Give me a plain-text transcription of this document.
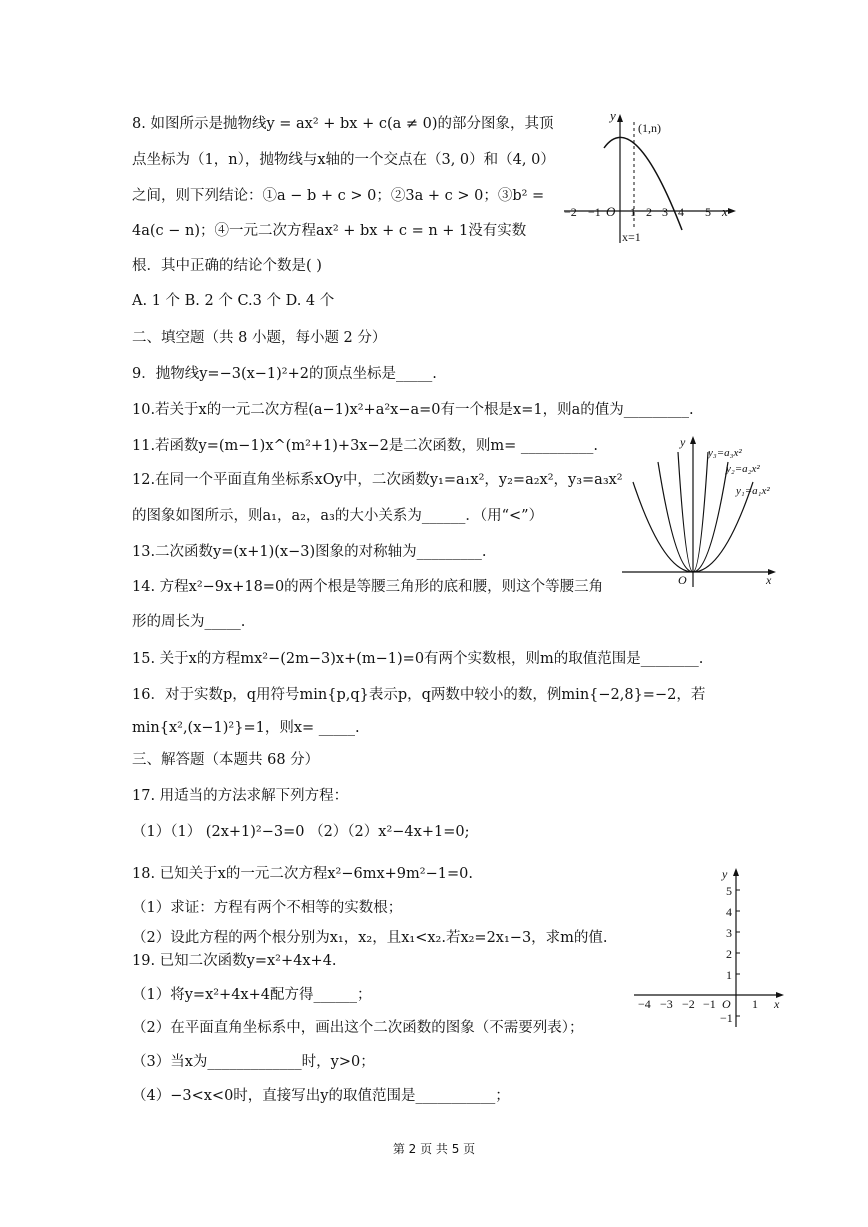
8. 如图所示是抛物线y = ax² + bx + c(a ≠ 0)的部分图象，其顶
点坐标为（1，n），抛物线与x轴的一个交点在（3, 0）和（4, 0）
之间，则下列结论：①a − b + c > 0；②3a + c > 0；③b² =
4a(c − n)；④一元二次方程ax² + bx + c = n + 1没有实数
根．其中正确的结论个数是( )
A. 1 个 B. 2 个 C.3 个 D. 4 个
y
x
(1,n)
O
x=1
−2 −1	2 3 4 5
1
二、填空题（共 8 小题，每小题 2 分）
9．抛物线y=−3(x−1)²+2的顶点坐标是_____.
10.若关于x的一元二次方程(a−1)x²+a²x−a=0有一个根是x=1，则a的值为_________.
11.若函数y=(m−1)x^(m²+1)+3x−2是二次函数，则m= __________.
12.在同一个平面直角坐标系xOy中，二次函数y₁=a₁x²，y₂=a₂x²，y₃=a₃x²
的图象如图所示，则a₁，a₂，a₃的大小关系为______．（用“<”）
13.二次函数y=(x+1)(x−3)图象的对称轴为_________.
14. 方程x²−9x+18=0的两个根是等腰三角形的底和腰，则这个等腰三角
形的周长为_____.
15. 关于x的方程mx²−(2m−3)x+(m−1)=0有两个实数根，则m的取值范围是________.
16．对于实数p，q用符号min{p,q}表示p，q两数中较小的数，例min{−2,8}=−2，若
min{x²,(x−1)²}=1，则x= _____.
y
x
O
y₃=a₃x²
y₂=a₂x²
y₁=a₁x²
三、解答题（本题共 68 分）
17. 用适当的方法求解下列方程：
（1）（1） (2x+1)²−3=0 （2）（2）x²−4x+1=0;
18. 已知关于x的一元二次方程x²−6mx+9m²−1=0.
（1）求证：方程有两个不相等的实数根；
（2）设此方程的两个根分别为x₁，x₂，且x₁<x₂.若x₂=2x₁−3，求m的值.
19. 已知二次函数y=x²+4x+4.
（1）将y=x²+4x+4配方得______；
（2）在平面直角坐标系中，画出这个二次函数的图象（不需要列表）；
（3）当x为_____________时，y>0；
（4）−3<x<0时，直接写出y的取值范围是___________；
y
x
O
5
4
3
2
1
−1
−4 −3 −2 −1	1
第 2 页 共 5 页
